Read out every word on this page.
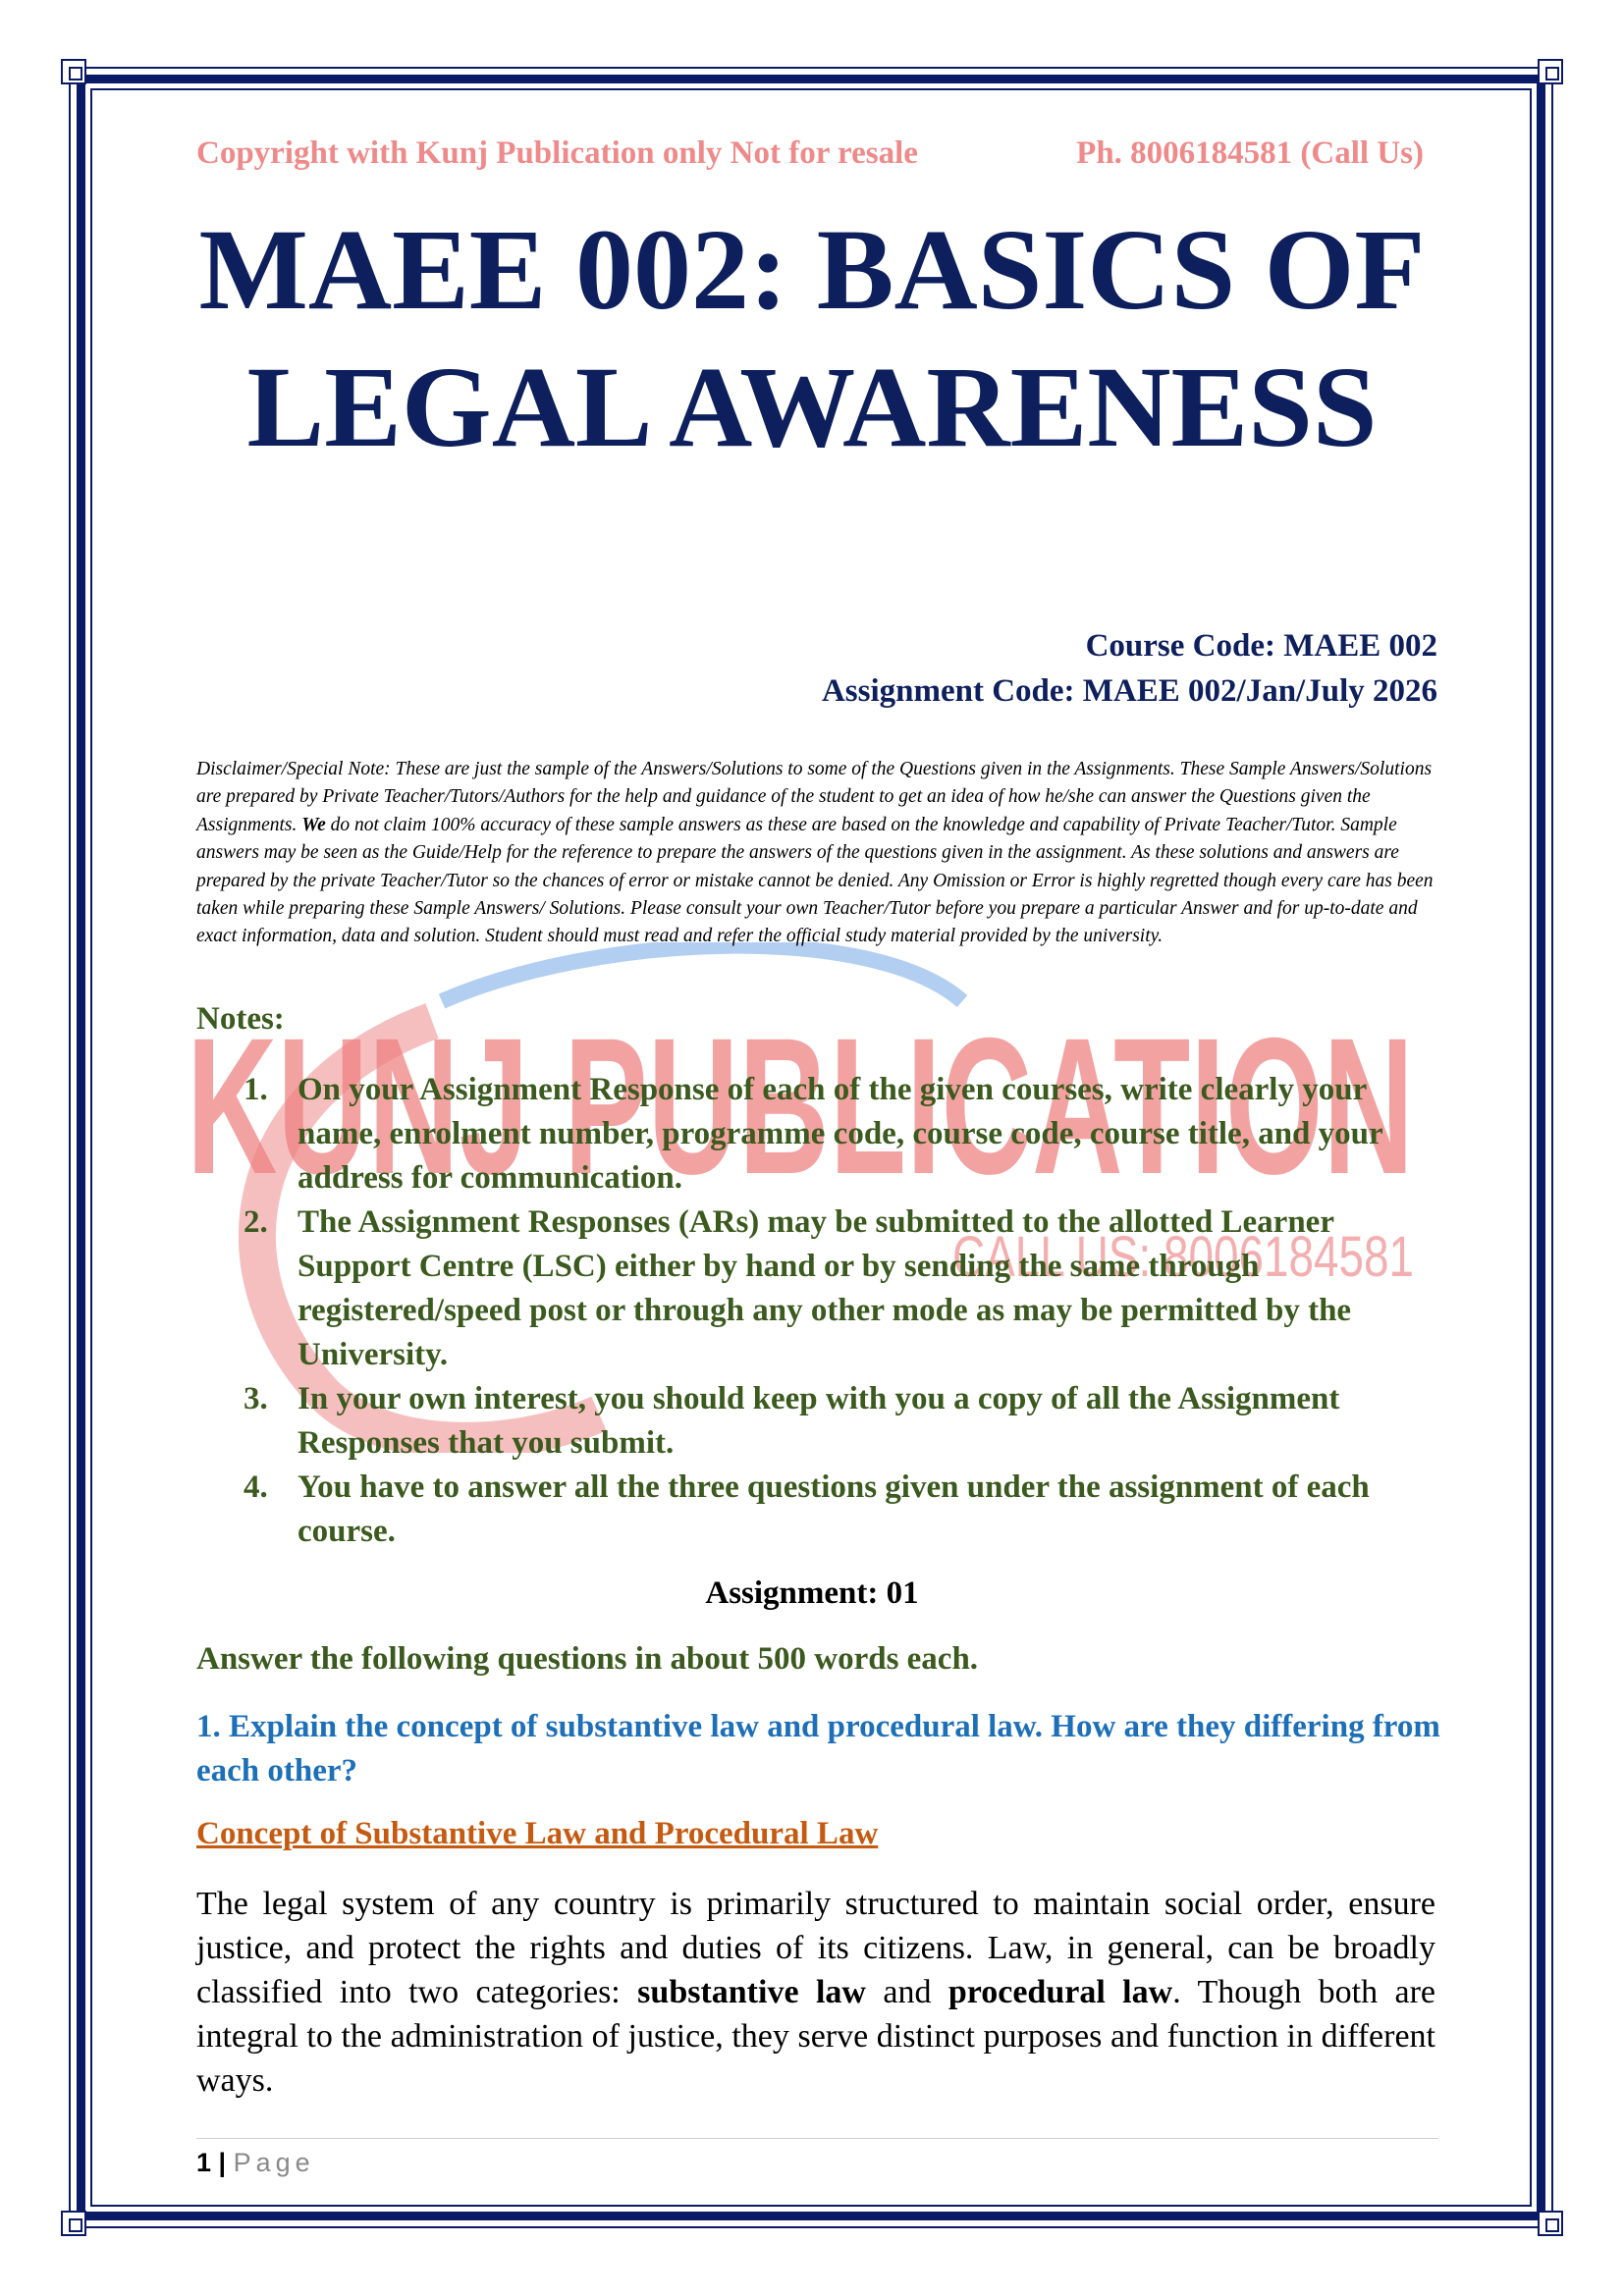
KUNJ PUBLICATION
CALL US: 8006184581
Copyright with Kunj Publication only Not for resale	Ph. 8006184581 (Call Us)
MAEE 002: BASICS OF
LEGAL AWARENESS
Course Code: MAEE 002
Assignment Code: MAEE 002/Jan/July 2026
Disclaimer/Special Note: These are just the sample of the Answers/Solutions to some of the Questions given in the Assignments. These Sample Answers/Solutions are prepared by Private Teacher/Tutors/Authors for the help and guidance of the student to get an idea of how he/she can answer the Questions given the Assignments. We do not claim 100% accuracy of these sample answers as these are based on the knowledge and capability of Private Teacher/Tutor. Sample answers may be seen as the Guide/Help for the reference to prepare the answers of the questions given in the assignment. As these solutions and answers are prepared by the private Teacher/Tutor so the chances of error or mistake cannot be denied. Any Omission or Error is highly regretted though every care has been taken while preparing these Sample Answers/ Solutions. Please consult your own Teacher/Tutor before you prepare a particular Answer and for up-to-date and exact information, data and solution. Student should must read and refer the official study material provided by the university.
Notes:
1. On your Assignment Response of each of the given courses, write clearly your name, enrolment number, programme code, course code, course title, and your address for communication.
2. The Assignment Responses (ARs) may be submitted to the allotted Learner Support Centre (LSC) either by hand or by sending the same through registered/speed post or through any other mode as may be permitted by the University.
3. In your own interest, you should keep with you a copy of all the Assignment Responses that you submit.
4. You have to answer all the three questions given under the assignment of each course.
Assignment: 01
Answer the following questions in about 500 words each.
1. Explain the concept of substantive law and procedural law. How are they differing from each other?
Concept of Substantive Law and Procedural Law
The legal system of any country is primarily structured to maintain social order, ensure justice, and protect the rights and duties of its citizens. Law, in general, can be broadly classified into two categories: substantive law and procedural law. Though both are integral to the administration of justice, they serve distinct purposes and function in different ways.
1 | Page
